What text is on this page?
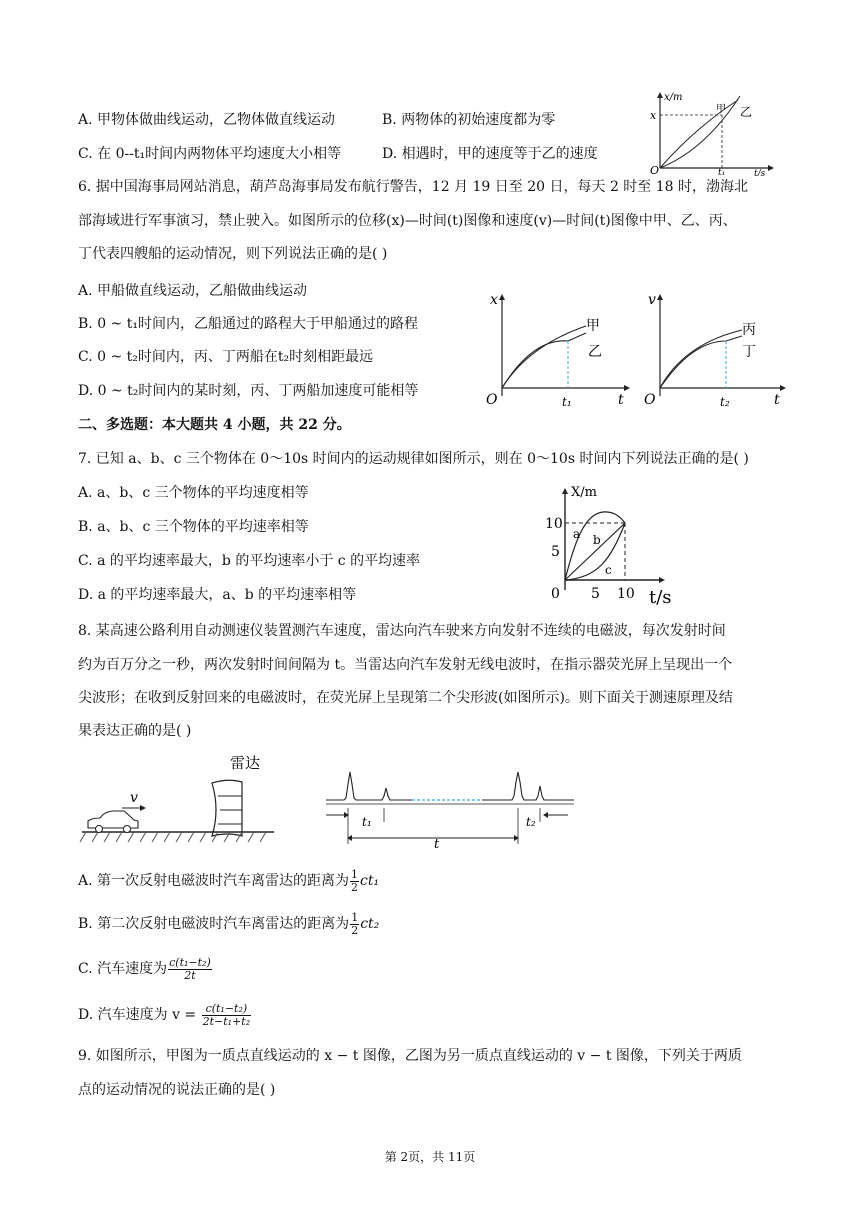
A. 甲物体做曲线运动，乙物体做直线运动	B. 两物体的初始速度都为零
C. 在 0--t₁时间内两物体平均速度大小相等	D. 相遇时，甲的速度等于乙的速度
x/m
t/s
O
x
t₁
甲 乙
6. 据中国海事局网站消息，葫芦岛海事局发布航行警告，12 月 19 日至 20 日，每天 2 时至 18 时，渤海北
部海域进行军事演习，禁止驶入。如图所示的位移(x)—时间(t)图像和速度(v)—时间(t)图像中甲、乙、丙、
丁代表四艘船的运动情况，则下列说法正确的是( )
A. 甲船做直线运动，乙船做曲线运动
B. 0 ~ t₁时间内，乙船通过的路程大于甲船通过的路程
C. 0 ~ t₂时间内，丙、丁两船在t₂时刻相距最远
D. 0 ~ t₂时间内的某时刻，丙、丁两船加速度可能相等
x
t
O	t₁
甲
乙
v
t
O	t₂
丙
丁
二、多选题：本大题共 4 小题，共 22 分。
7. 已知 a、b、c 三个物体在 0～10s 时间内的运动规律如图所示，则在 0～10s 时间内下列说法正确的是( )
A. a、b、c 三个物体的平均速度相等
B. a、b、c 三个物体的平均速率相等
C. a 的平均速率最大，b 的平均速率小于 c 的平均速率
D. a 的平均速率最大，a、b 的平均速率相等
X/m
t/s
10
5
0 5 10
a b
c
8. 某高速公路利用自动测速仪装置测汽车速度，雷达向汽车驶来方向发射不连续的电磁波，每次发射时间
约为百万分之一秒，两次发射时间间隔为 t。当雷达向汽车发射无线电波时，在指示器荧光屏上呈现出一个
尖波形；在收到反射回来的电磁波时，在荧光屏上呈现第二个尖形波(如图所示)。则下面关于测速原理及结
果表达正确的是( )
雷达
v
t₁
t
t₂
A. 第一次反射电磁波时汽车离雷达的距离为 $\frac{1}{2} ct_1$
B. 第二次反射电磁波时汽车离雷达的距离为 $\frac{1}{2} ct_2$
C. 汽车速度为 $\frac{\text{c(t₁−t₂)}}{2t}$
D. 汽车速度为 $v = \frac{\text{c(t₁−t₂)}}{\text{2t−t₁+t₂}}$
9. 如图所示，甲图为一质点直线运动的 x − t 图像，乙图为另一质点直线运动的 v − t 图像，下列关于两质
点的运动情况的说法正确的是( )
第 2页，共 11页
